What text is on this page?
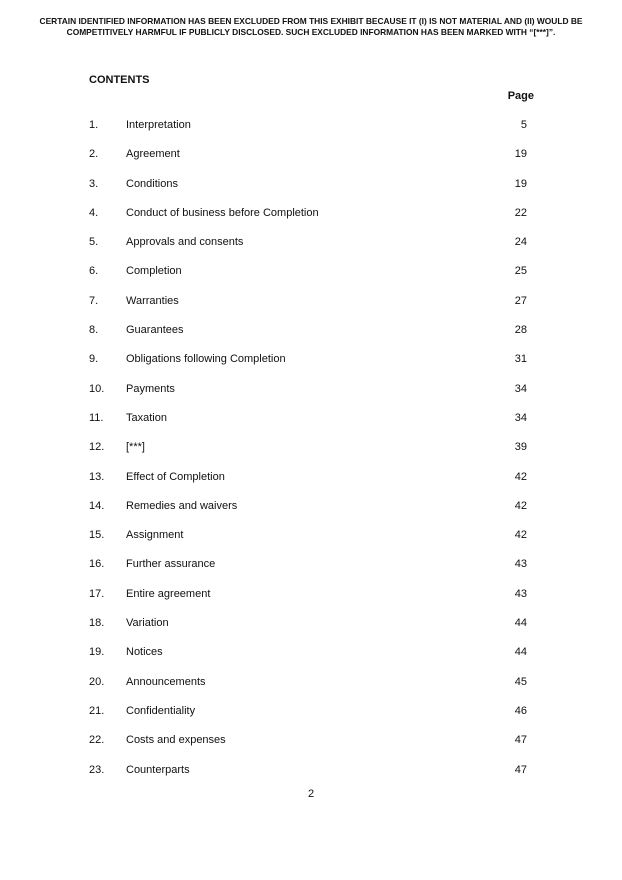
CERTAIN IDENTIFIED INFORMATION HAS BEEN EXCLUDED FROM THIS EXHIBIT BECAUSE IT (I) IS NOT MATERIAL AND (II) WOULD BE COMPETITIVELY HARMFUL IF PUBLICLY DISCLOSED. SUCH EXCLUDED INFORMATION HAS BEEN MARKED WITH “[***]”.
CONTENTS
Page
1.	Interpretation	5
2.	Agreement	19
3.	Conditions	19
4.	Conduct of business before Completion	22
5.	Approvals and consents	24
6.	Completion	25
7.	Warranties	27
8.	Guarantees	28
9.	Obligations following Completion	31
10. Payments	34
11. Taxation	34
12. [***]	39
13. Effect of Completion	42
14. Remedies and waivers	42
15. Assignment	42
16. Further assurance	43
17. Entire agreement	43
18. Variation	44
19. Notices	44
20. Announcements	45
21. Confidentiality	46
22. Costs and expenses	47
23. Counterparts	47
2
